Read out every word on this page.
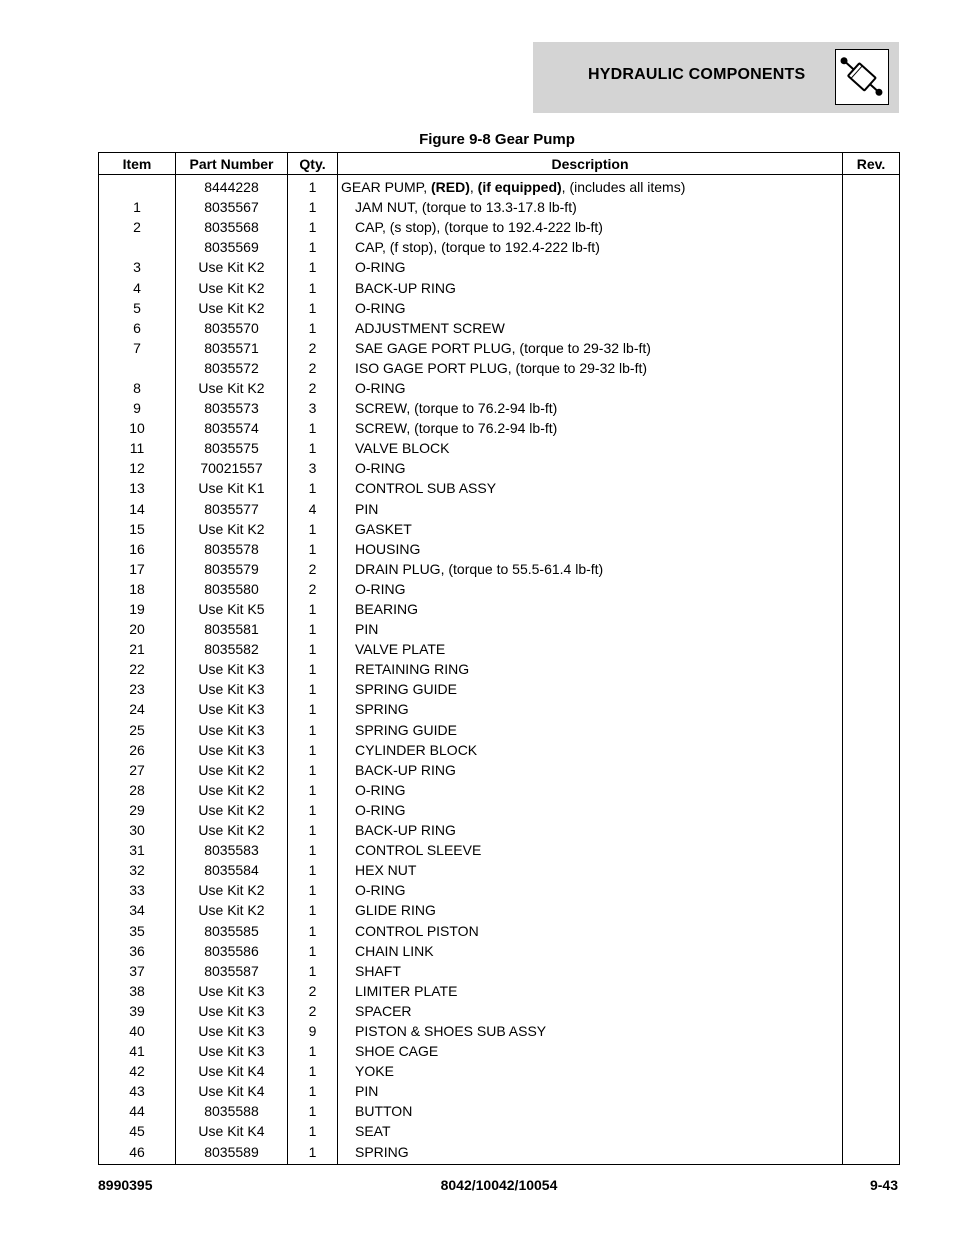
HYDRAULIC COMPONENTS
Figure 9-8 Gear Pump
Item	Part Number	Qty.	Description	Rev.
	8444228	1	GEAR PUMP, (RED), (if equipped), (includes all items)	
1	8035567	1	JAM NUT, (torque to 13.3-17.8 lb-ft)	
2	8035568	1	CAP, (s stop), (torque to 192.4-222 lb-ft)	
	8035569	1	CAP, (f stop), (torque to 192.4-222 lb-ft)	
3	Use Kit K2	1	O-RING	
4	Use Kit K2	1	BACK-UP RING	
5	Use Kit K2	1	O-RING	
6	8035570	1	ADJUSTMENT SCREW	
7	8035571	2	SAE GAGE PORT PLUG, (torque to 29-32 lb-ft)	
	8035572	2	ISO GAGE PORT PLUG, (torque to 29-32 lb-ft)	
8	Use Kit K2	2	O-RING	
9	8035573	3	SCREW, (torque to 76.2-94 lb-ft)	
10	8035574	1	SCREW, (torque to 76.2-94 lb-ft)	
11	8035575	1	VALVE BLOCK	
12	70021557	3	O-RING	
13	Use Kit K1	1	CONTROL SUB ASSY	
14	8035577	4	PIN	
15	Use Kit K2	1	GASKET	
16	8035578	1	HOUSING	
17	8035579	2	DRAIN PLUG, (torque to 55.5-61.4 lb-ft)	
18	8035580	2	O-RING	
19	Use Kit K5	1	BEARING	
20	8035581	1	PIN	
21	8035582	1	VALVE PLATE	
22	Use Kit K3	1	RETAINING RING	
23	Use Kit K3	1	SPRING GUIDE	
24	Use Kit K3	1	SPRING	
25	Use Kit K3	1	SPRING GUIDE	
26	Use Kit K3	1	CYLINDER BLOCK	
27	Use Kit K2	1	BACK-UP RING	
28	Use Kit K2	1	O-RING	
29	Use Kit K2	1	O-RING	
30	Use Kit K2	1	BACK-UP RING	
31	8035583	1	CONTROL SLEEVE	
32	8035584	1	HEX NUT	
33	Use Kit K2	1	O-RING	
34	Use Kit K2	1	GLIDE RING	
35	8035585	1	CONTROL PISTON	
36	8035586	1	CHAIN LINK	
37	8035587	1	SHAFT	
38	Use Kit K3	2	LIMITER PLATE	
39	Use Kit K3	2	SPACER	
40	Use Kit K3	9	PISTON & SHOES SUB ASSY	
41	Use Kit K3	1	SHOE CAGE	
42	Use Kit K4	1	YOKE	
43	Use Kit K4	1	PIN	
44	8035588	1	BUTTON	
45	Use Kit K4	1	SEAT	
46	8035589	1	SPRING	
8990395	8042/10042/10054	9-43
